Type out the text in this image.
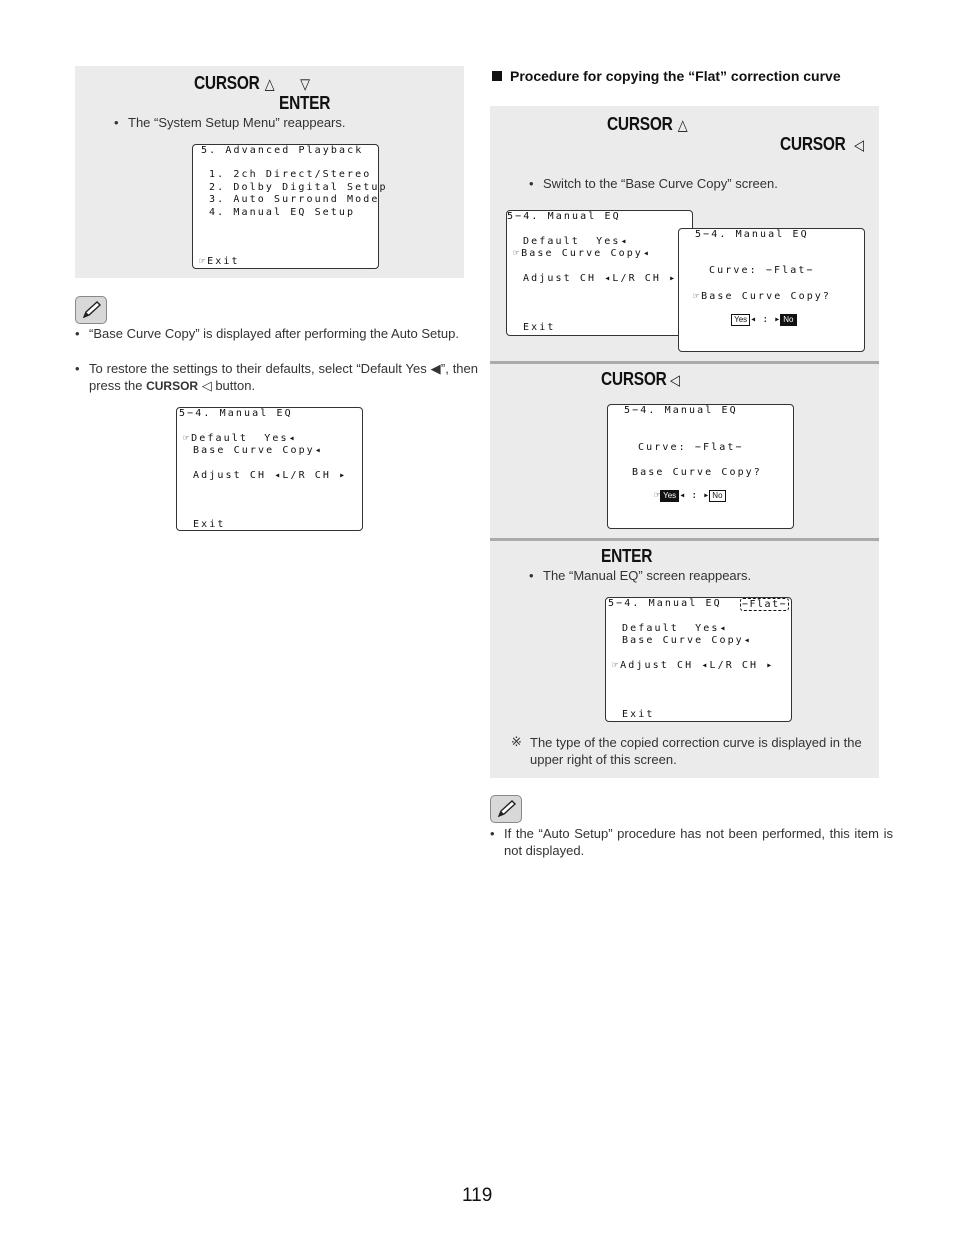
CURSOR △ ▽
ENTER
• The “System Setup Menu” reappears.
5. Advanced Playback
1. 2ch Direct/Stereo
2. Dolby Digital Setup
3. Auto Surround Mode
4. Manual EQ Setup
☞Exit
• “Base Curve Copy” is displayed after performing the Auto Setup.
• To restore the settings to their defaults, select “Default Yes ◀”, then press the CURSOR ◁ button.
5−4. Manual EQ
☞Default  Yes◂
Base Curve Copy◂
Adjust CH ◂L/R CH ▸
Exit
Procedure for copying the “Flat” correction curve
CURSOR △
CURSOR ◁
• Switch to the “Base Curve Copy” screen.
5−4. Manual EQ
Default  Yes◂
☞Base Curve Copy◂
Adjust CH ◂L/R CH ▸
Exit
5−4. Manual EQ
Curve: −Flat−
☞Base Curve Copy?

Yes ◂ : ▸ No

CURSOR ◁
5−4. Manual EQ
Curve: −Flat−
Base Curve Copy?

☞ Yes ◂ : ▸ No

ENTER
• The “Manual EQ” screen reappears.
5−4. Manual EQ −Flat−
Default  Yes◂
Base Curve Copy◂
☞Adjust CH ◂L/R CH ▸
Exit
※ The type of the copied correction curve is displayed in the upper right of this screen.
• If the “Auto Setup” procedure has not been performed, this item is not displayed.
119
